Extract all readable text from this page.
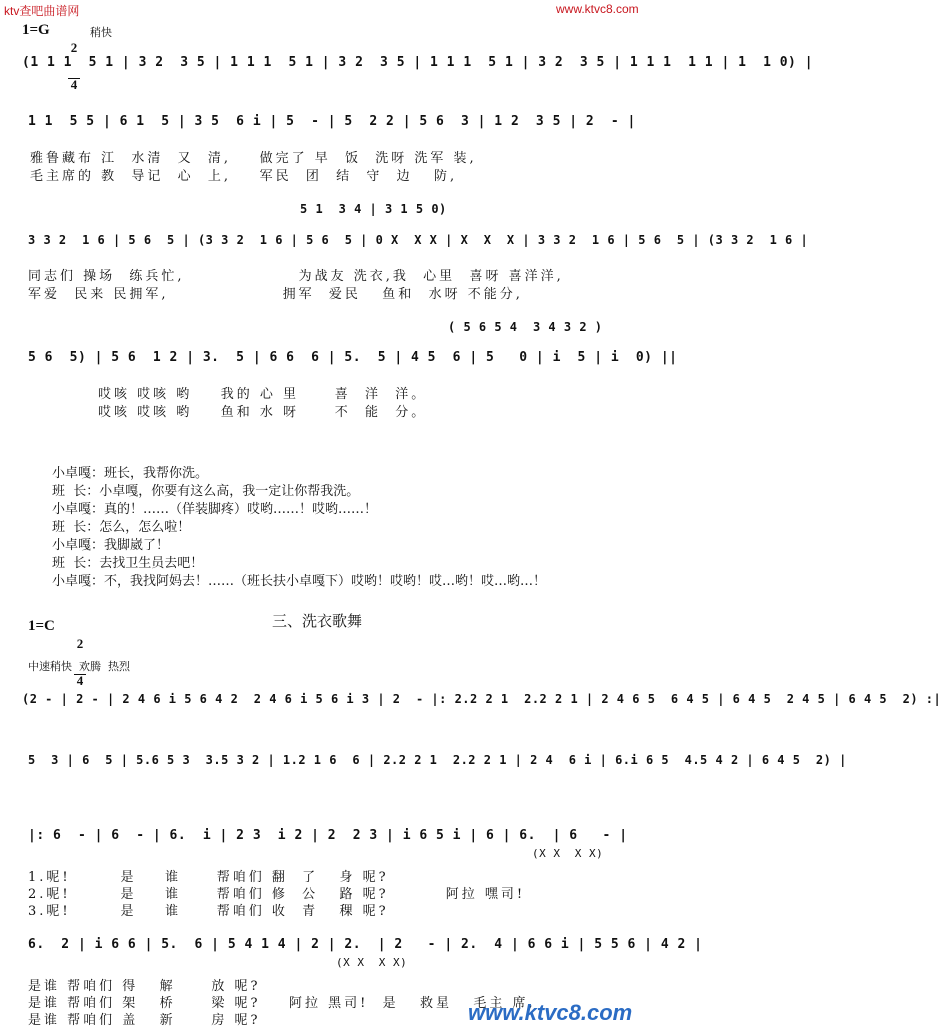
ktv查吧曲谱网	www.ktvc8.com
1=G

$\frac{2}{4}$ 稍快
(1 1 1  5 1 | 3 2  3 5 | 1 1 1  5 1 | 3 2  3 5 | 1 1 1  5 1 | 3 2  3 5 | 1 1 1  1 1 | 1  1 0) |
1 1  5 5 | 6 1  5 | 3 5  6 i | 5  - | 5  2 2 | 5 6  3 | 1 2  3 5 | 2  - |
雅鲁藏布 江  水清  又  清,    做完了 早  饭  洗呀 洗军 装,
毛主席的 教  导记  心  上,    军民  团  结  守  边   防,
5 1  3 4 | 3 1 5 0)
3 3 2  1 6 | 5 6  5 | (3 3 2  1 6 | 5 6  5 | 0 X  X X | X  X  X | 3 3 2  1 6 | 5 6  5 | (3 3 2  1 6 |
同志们 操场  练兵忙,                为战友 洗衣,我  心里  喜呀 喜洋洋,
军爱  民来 民拥军,                拥军  爱民   鱼和  水呀 不能分,
( 5 6 5 4  3 4 3 2 )
5 6  5) | 5 6  1 2 | 3.  5 | 6 6  6 | 5.  5 | 4 5  6 | 5   0 | i  5 | i  0) ||
哎咳 哎咳 哟    我的 心 里     喜  洋  洋。
哎咳 哎咳 哟    鱼和 水 呀     不  能  分。
小卓嘎：班长，我帮你洗。
班  长：小卓嘎，你要有这么高，我一定让你帮我洗。
小卓嘎：真的！……（佯装脚疼）哎哟……！哎哟……！
班  长：怎么，怎么啦！
小卓嘎：我脚崴了！
班  长：去找卫生员去吧！
小卓嘎：不，我找阿妈去！……（班长扶小卓嘎下）哎哟！哎哟！哎…哟！哎…哟…！
1=C

$\frac{2}{4}$	三、洗衣歌舞
中速稍快  欢腾  热烈
(2 - | 2 - | 2 4 6 i 5 6 4 2  2 4 6 i 5 6 i 3 | 2  - |: 2.2 2 1  2.2 2 1 | 2 4 6 5  6 4 5 | 6 4 5  2 4 5 | 6 4 5  2) :|
5  3 | 6  5 | 5.6 5 3  3.5 3 2 | 1.2 1 6  6 | 2.2 2 1  2.2 2 1 | 2 4  6 i | 6.i 6 5  4.5 4 2 | 6 4 5  2) |
|: 6  - | 6  - | 6.  i | 2 3  i 2 | 2  2 3 | i 6 5 i | 6 | 6.  | 6   - |
(X X  X X)
1.呢!       是    谁     帮咱们 翻  了   身 呢?
2.呢!       是    谁     帮咱们 修  公   路 呢?        阿拉 嘿司!
3.呢!       是    谁     帮咱们 收  青   稞 呢?
6.  2 | i 6 6 | 5.  6 | 5 4 1 4 | 2 | 2.  | 2   - | 2.  4 | 6 6 i | 5 5 6 | 4 2 |
(X X  X X)
是谁 帮咱们 得   解     放 呢?
是谁 帮咱们 架   桥     梁 呢?    阿拉 黑司!  是   救星   毛主 席,
是谁 帮咱们 盖   新     房 呢?	www.ktvc8.com
